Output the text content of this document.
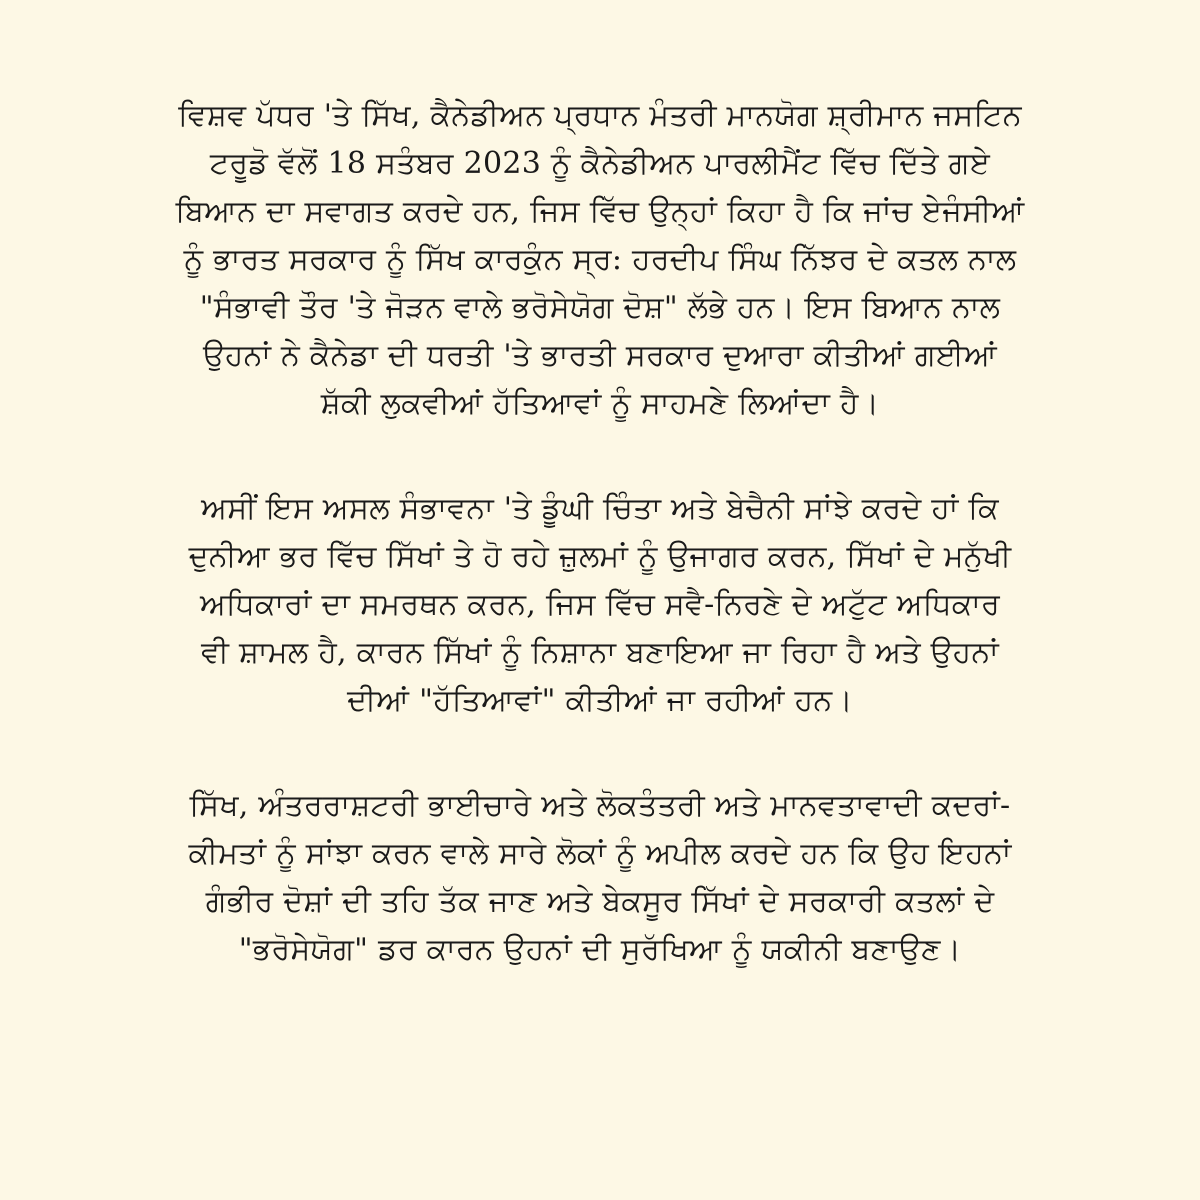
ਵਿਸ਼ਵ ਪੱਧਰ 'ਤੇ ਸਿੱਖ, ਕੈਨੇਡੀਅਨ ਪ੍ਰਧਾਨ ਮੰਤਰੀ ਮਾਨਯੋਗ ਸ਼੍ਰੀਮਾਨ ਜਸਟਿਨ
ਟਰੂਡੋ ਵੱਲੋਂ 18 ਸਤੰਬਰ 2023 ਨੂੰ ਕੈਨੇਡੀਅਨ ਪਾਰਲੀਮੈਂਟ ਵਿੱਚ ਦਿੱਤੇ ਗਏ
ਬਿਆਨ ਦਾ ਸਵਾਗਤ ਕਰਦੇ ਹਨ, ਜਿਸ ਵਿੱਚ ਉਨ੍ਹਾਂ ਕਿਹਾ ਹੈ ਕਿ ਜਾਂਚ ਏਜੰਸੀਆਂ
ਨੂੰ ਭਾਰਤ ਸਰਕਾਰ ਨੂੰ ਸਿੱਖ ਕਾਰਕੁੰਨ ਸ੍ਰ: ਹਰਦੀਪ ਸਿੰਘ ਨਿੱਝਰ ਦੇ ਕਤਲ ਨਾਲ
"ਸੰਭਾਵੀ ਤੌਰ 'ਤੇ ਜੋੜਨ ਵਾਲੇ ਭਰੋਸੇਯੋਗ ਦੋਸ਼" ਲੱਭੇ ਹਨ। ਇਸ ਬਿਆਨ ਨਾਲ
ਉਹਨਾਂ ਨੇ ਕੈਨੇਡਾ ਦੀ ਧਰਤੀ 'ਤੇ ਭਾਰਤੀ ਸਰਕਾਰ ਦੁਆਰਾ ਕੀਤੀਆਂ ਗਈਆਂ
ਸ਼ੱਕੀ ਲੁਕਵੀਆਂ ਹੱਤਿਆਵਾਂ ਨੂੰ ਸਾਹਮਣੇ ਲਿਆਂਦਾ ਹੈ।

ਅਸੀਂ ਇਸ ਅਸਲ ਸੰਭਾਵਨਾ 'ਤੇ ਡੂੰਘੀ ਚਿੰਤਾ ਅਤੇ ਬੇਚੈਨੀ ਸਾਂਝੇ ਕਰਦੇ ਹਾਂ ਕਿ
ਦੁਨੀਆ ਭਰ ਵਿੱਚ ਸਿੱਖਾਂ ਤੇ ਹੋ ਰਹੇ ਜ਼ੁਲਮਾਂ ਨੂੰ ਉਜਾਗਰ ਕਰਨ, ਸਿੱਖਾਂ ਦੇ ਮਨੁੱਖੀ
ਅਧਿਕਾਰਾਂ ਦਾ ਸਮਰਥਨ ਕਰਨ, ਜਿਸ ਵਿੱਚ ਸਵੈ-ਨਿਰਣੇ ਦੇ ਅਟੁੱਟ ਅਧਿਕਾਰ
ਵੀ ਸ਼ਾਮਲ ਹੈ, ਕਾਰਨ ਸਿੱਖਾਂ ਨੂੰ ਨਿਸ਼ਾਨਾ ਬਣਾਇਆ ਜਾ ਰਿਹਾ ਹੈ ਅਤੇ ਉਹਨਾਂ
ਦੀਆਂ "ਹੱਤਿਆਵਾਂ" ਕੀਤੀਆਂ ਜਾ ਰਹੀਆਂ ਹਨ।

ਸਿੱਖ, ਅੰਤਰਰਾਸ਼ਟਰੀ ਭਾਈਚਾਰੇ ਅਤੇ ਲੋਕਤੰਤਰੀ ਅਤੇ ਮਾਨਵਤਾਵਾਦੀ ਕਦਰਾਂ-
ਕੀਮਤਾਂ ਨੂੰ ਸਾਂਝਾ ਕਰਨ ਵਾਲੇ ਸਾਰੇ ਲੋਕਾਂ ਨੂੰ ਅਪੀਲ ਕਰਦੇ ਹਨ ਕਿ ਉਹ ਇਹਨਾਂ
ਗੰਭੀਰ ਦੋਸ਼ਾਂ ਦੀ ਤਹਿ ਤੱਕ ਜਾਣ ਅਤੇ ਬੇਕਸੂਰ ਸਿੱਖਾਂ ਦੇ ਸਰਕਾਰੀ ਕਤਲਾਂ ਦੇ
"ਭਰੋਸੇਯੋਗ" ਡਰ ਕਾਰਨ ਉਹਨਾਂ ਦੀ ਸੁਰੱਖਿਆ ਨੂੰ ਯਕੀਨੀ ਬਣਾਉਣ।
